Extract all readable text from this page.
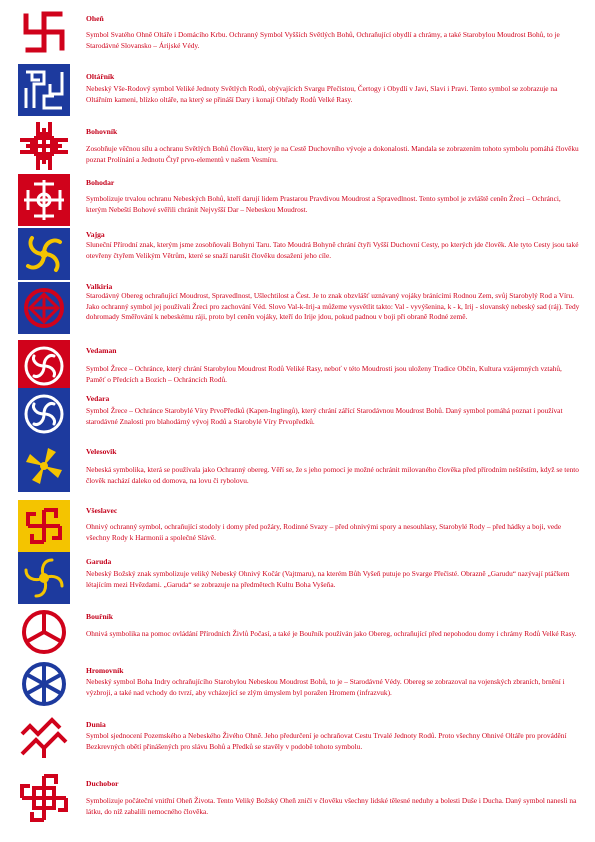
Oheň

Symbol Svatého Ohně Oltáře i Domácího Krbu. Ochranný Symbol Vyšších Světlých Bohů, Ochraňující obydlí a chrámy, a také Starobylou Moudrost Bohů, to je Starodávné Slovansko – Árijské Védy.

Oltářník

Nebeský Vše-Rodový symbol Veliké Jednoty Světlých Rodů, obývajících Svargu Přečistou, Čertogy i Obydlí v Javi, Slavi i Pravi. Tento symbol se zobrazuje na Oltářním kameni, blízko oltáře, na který se přináší Dary i konají Obřady Rodů Velké Rasy.

Bohovník

Zosobňuje věčnou sílu a ochranu Světlých Bohů člověku, který je na Cestě Duchovního vývoje a dokonalosti. Mandala se zobrazením tohoto symbolu pomáhá člověku poznat Prolínání a Jednotu Čtyř prvo-elementů v našem Vesmíru.

Bohodar

Symbolizuje trvalou ochranu Nebeských Bohů, kteří darují lidem Prastarou Pravdivou Moudrost a Spravedlnost. Tento symbol je zvláště ceněn Žreci – Ochránci, kterým Nebeští Bohové svěřili chránit Nejvyšší Dar – Nebeskou Moudrost.

Vajga

Sluneční Přírodní znak, kterým jsme zosobňovali Bohyni Taru. Tato Moudrá Bohyně chrání čtyři Vyšší Duchovní Cesty, po kterých jde člověk. Ale tyto Cesty jsou také otevřeny čtyřem Velikým Větrům, které se snaží narušit člověku dosažení jeho cíle.

Valkiria

Starodávný Obereg ochraňující Moudrost, Spravedlnost, Ušlechtilost a Čest. Je to znak obzvlášť uznávaný vojáky bránícími Rodnou Zem, svůj Starobylý Rod a Víru. Jako ochranný symbol jej používali Žreci pro zachování Véd. Slovo Val-k-Irij-a můžeme vysvětlit takto: Val - vyvýšenina, k - k, Irij - slovanský nebeský sad (ráj). Tedy dohromady Směřování k nebeskému ráji, proto byl ceněn vojáky, kteří do Irije jdou, pokud padnou v boji při obraně Rodné země.

Vedaman

Symbol Žrece – Ochránce, který chrání Starobylou Moudrost Rodů Veliké Rasy, neboť v této Moudrosti jsou uloženy Tradice Občin, Kultura vzájemných vztahů, Paměť o Předcích a Bozích – Ochráncích Rodů.

Vedara

Symbol Žrece – Ochránce Starobylé Víry PrvoPředků (Kapen-Inglingů), který chrání zářící Starodávnou Moudrost Bohů. Daný symbol pomáhá poznat i používat starodávné Znalosti pro blahodárný vývoj Rodů a Starobylé Víry Prvopředků.

Velesovik

Nebeská symbolika, která se používala jako Ochranný obereg. Věří se, že s jeho pomocí je možné ochránit milovaného člověka před přírodním neštěstím, když se tento člověk nachází daleko od domova, na lovu či rybolovu.

Všeslavec

Ohnivý ochranný symbol, ochraňující stodoly i domy před požáry, Rodinné Svazy – před ohnivými spory a nesouhlasy, Starobylé Rody – před hádky a boji, vede všechny Rody k Harmonii a společné Slávě.

Garuda

Nebeský Božský znak symbolizuje veliký Nebeský Ohnivý Kočár (Vajtmaru), na kterém Bůh Vyšeň putuje po Svarge Přečisté. Obrazně „Garudu“ nazývají ptáčkem létajícím mezi Hvězdami. „Garuda“ se zobrazuje na předmětech Kultu Boha Vyšeňa.

Bouřník

Ohnivá symbolika na pomoc ovládání Přírodních Živlů Počasí, a také je Bouřník používán jako Obereg, ochraňující před nepohodou domy i chrámy Rodů Velké Rasy.

Hromovník

Nebeský symbol Boha Indry ochraňujícího Starobylou Nebeskou Moudrost Bohů, to je – Starodávné Védy. Obereg se zobrazoval na vojenských zbraních, brnění i výzbroji, a také nad vchody do tvrzí, aby vcházející se zlým úmyslem byl poražen Hromem (infrazvuk).

Dunia

Symbol sjednocení Pozemského a Nebeského Živého Ohně. Jeho předurčení je ochraňovat Cestu Trvalé Jednoty Rodů. Proto všechny Ohnivé Oltáře pro provádění Bezkrevných obětí přinášených pro slávu Bohů a Předků se stavěly v podobě tohoto symbolu.

Duchobor

Symbolizuje počáteční vnitřní Oheň Života. Tento Veliký Božský Oheň zničí v člověku všechny lidské tělesné neduhy a bolesti Duše i Ducha. Daný symbol nanesli na látku, do níž zabalili nemocného člověka.
